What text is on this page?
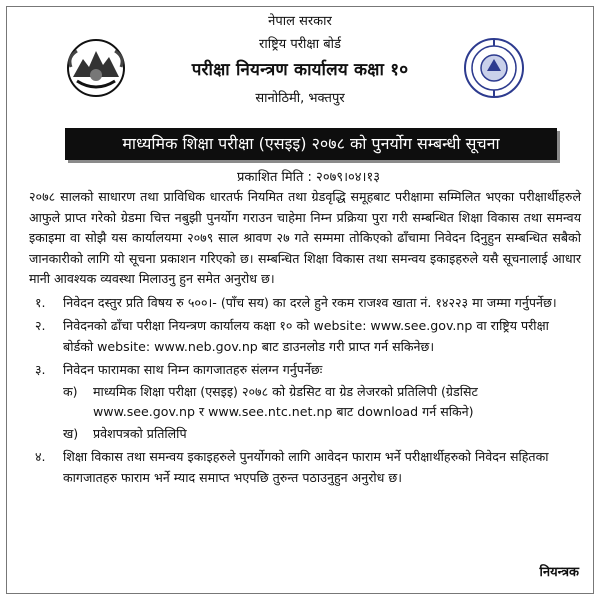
नेपाल सरकार
राष्ट्रिय परीक्षा बोर्ड
परीक्षा नियन्त्रण कार्यालय कक्षा १०
सानोठिमी, भक्तपुर
माध्यमिक शिक्षा परीक्षा (एसइइ) २०७८ को पुनर्योग सम्बन्धी सूचना
प्रकाशित मिति : २०७९।०४।१३

२०७८ सालको साधारण तथा प्राविधिक धारतर्फ नियमित तथा ग्रेडवृद्धि समूहबाट परीक्षामा सम्मिलित भएका परीक्षार्थीहरुले आफुले प्राप्त गरेको ग्रेडमा चित्त नबुझी पुनर्योग गराउन चाहेमा निम्न प्रक्रिया पुरा गरी सम्बन्धित शिक्षा विकास तथा समन्वय इकाइमा वा सोझै यस कार्यालयमा २०७९ साल श्रावण २७ गते सम्ममा तोकिएको ढाँचामा निवेदन दिनुहुन सम्बन्धित सबैको जानकारीको लागि यो सूचना प्रकाशन गरिएको छ। सम्बन्धित शिक्षा विकास तथा समन्वय इकाइहरुले यसै सूचनालाई आधार मानी आवश्यक व्यवस्था मिलाउनु हुन समेत अनुरोध छ।

१. निवेदन दस्तुर प्रति विषय रु ५००।- (पाँच सय) का दरले हुने रकम राजश्व खाता नं. १४२२३ मा जम्मा गर्नुपर्नेछ।
२. निवेदनको ढाँचा परीक्षा नियन्त्रण कार्यालय कक्षा १० को website: www.see.gov.np वा राष्ट्रिय परीक्षा बोर्डको website: www.neb.gov.np बाट डाउनलोड गरी प्राप्त गर्न सकिनेछ।
३. निवेदन फारामका साथ निम्न कागजातहरु संलग्न गर्नुपर्नेछः
क) माध्यमिक शिक्षा परीक्षा (एसइइ) २०७८ को ग्रेडसिट वा ग्रेड लेजरको प्रतिलिपी (ग्रेडसिट www.see.gov.np र www.see.ntc.net.np बाट download गर्न सकिने)
ख) प्रवेशपत्रको प्रतिलिपि
४. शिक्षा विकास तथा समन्वय इकाइहरुले पुनर्योगको लागि आवेदन फाराम भर्ने परीक्षार्थीहरुको निवेदन सहितका कागजातहरु फाराम भर्ने म्याद समाप्त भएपछि तुरुन्त पठाउनुहुन अनुरोध छ।
नियन्त्रक
